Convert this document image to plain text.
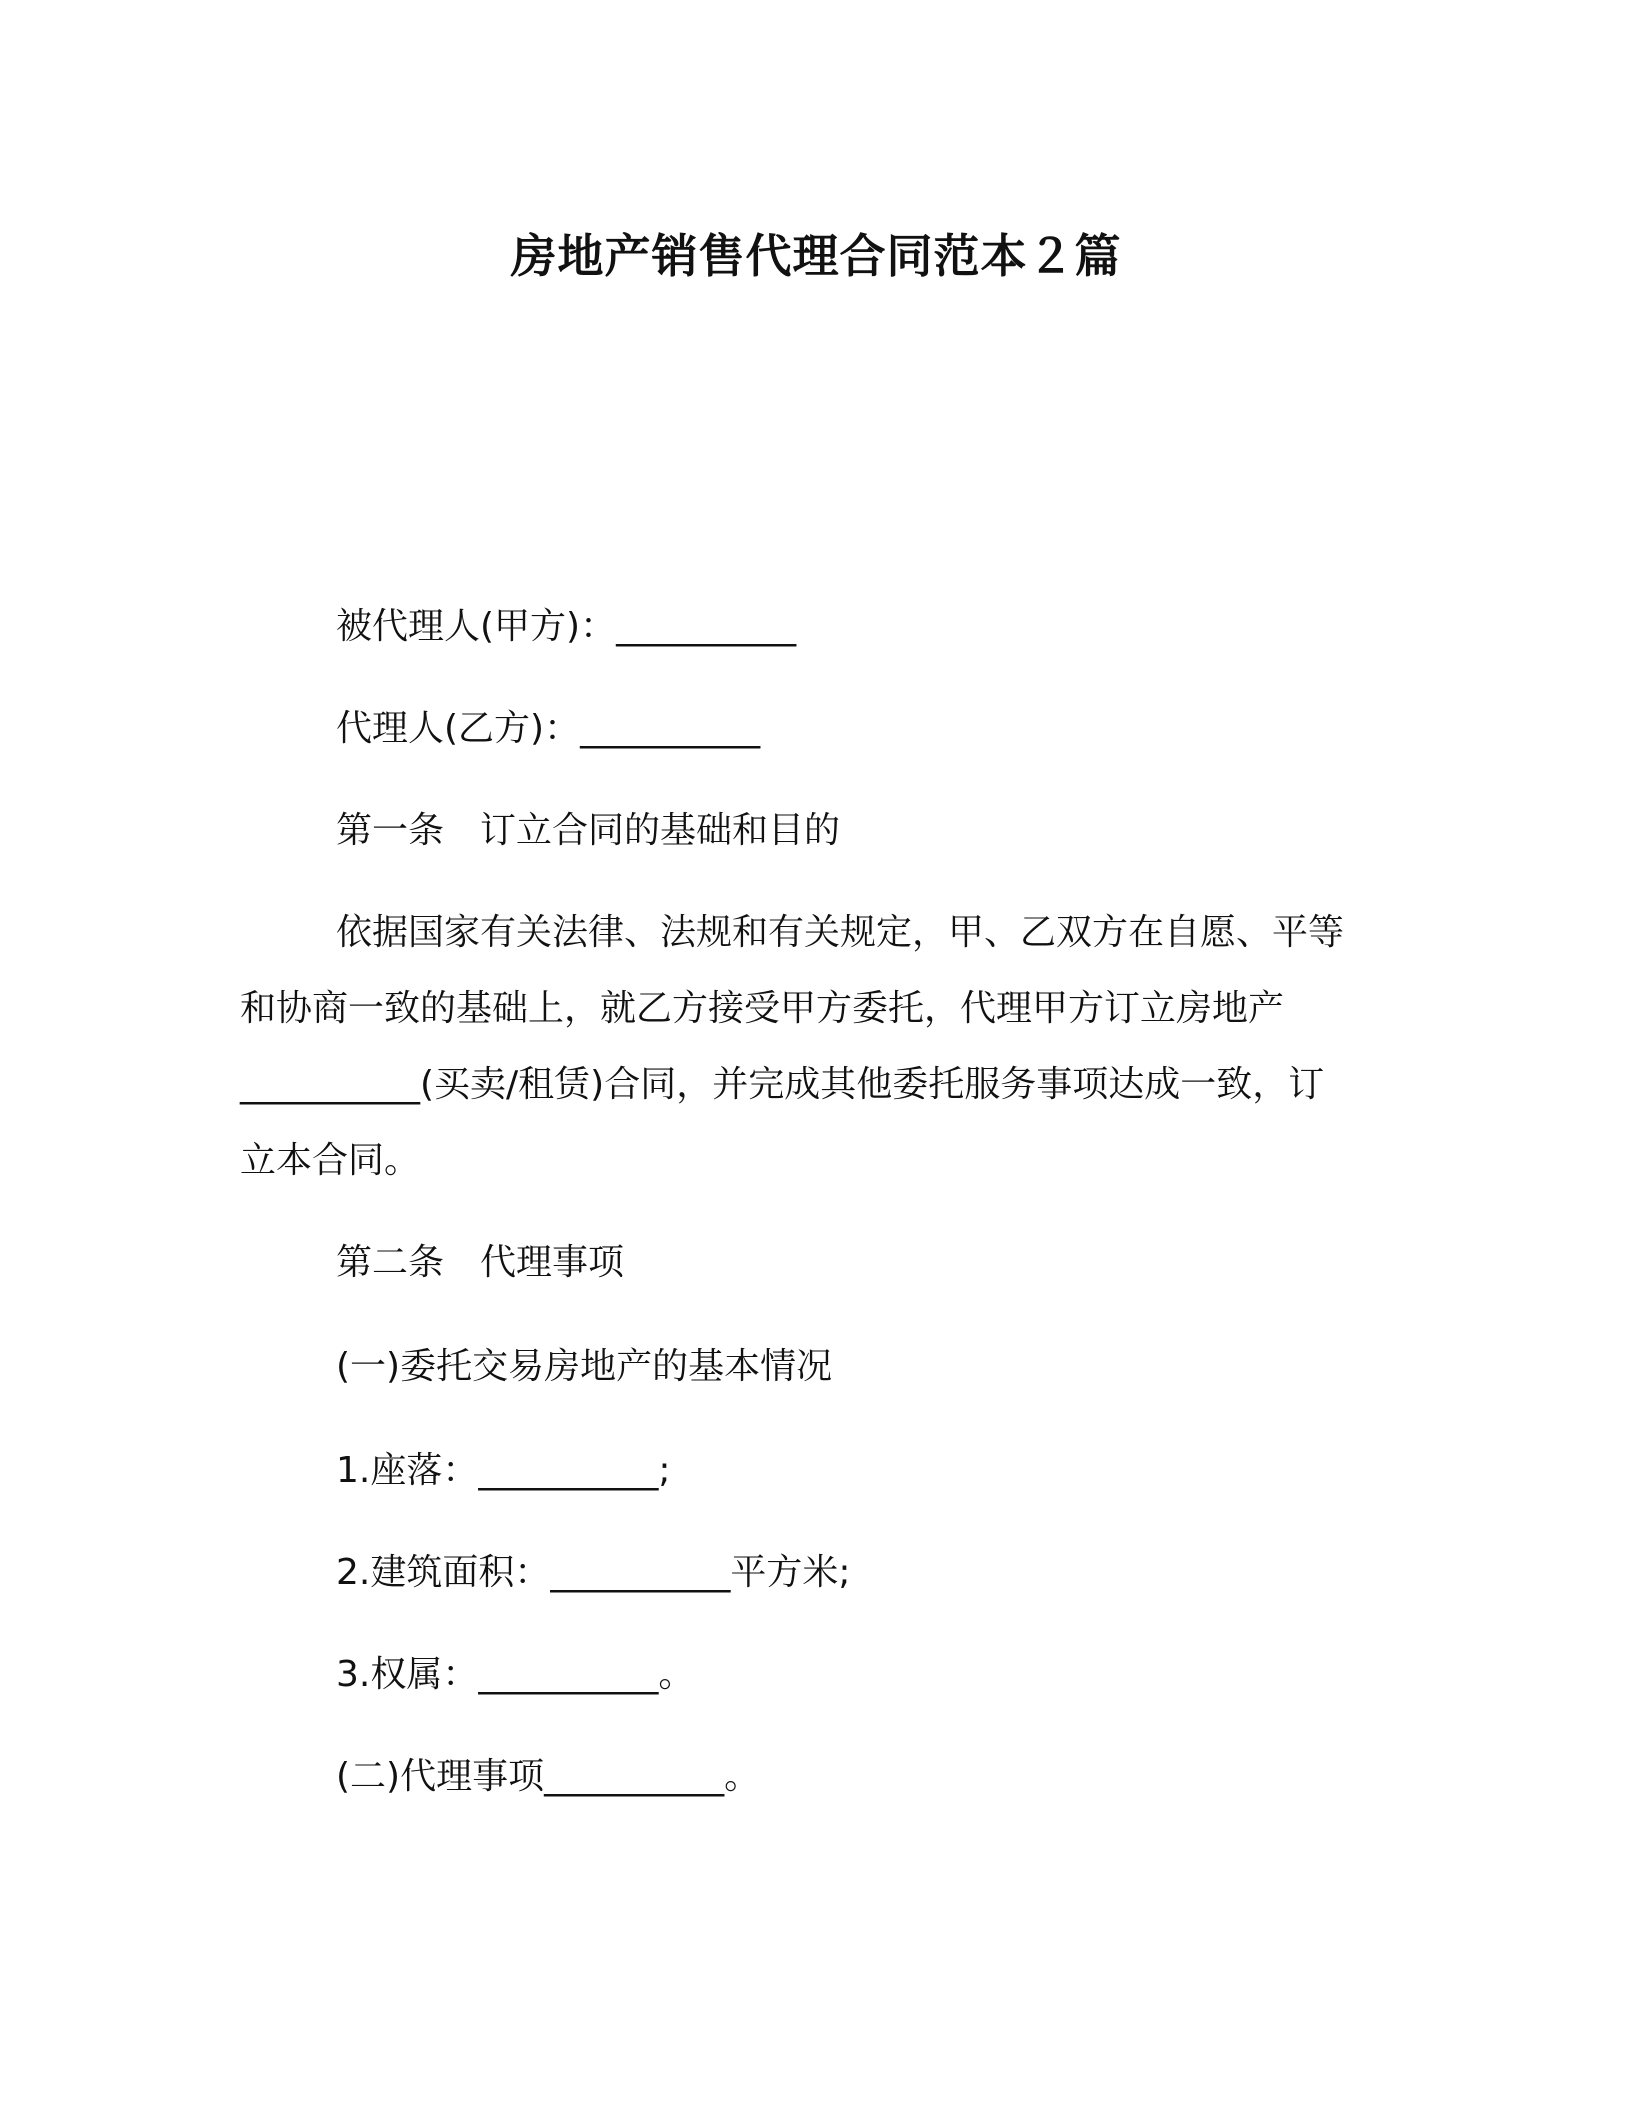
房地产销售代理合同范本２篇
被代理人(甲方)：__________
代理人(乙方)：__________
第一条 订立合同的基础和目的
依据国家有关法律、法规和有关规定，甲、乙双方在自愿、平等
和协商一致的基础上，就乙方接受甲方委托，代理甲方订立房地产
__________(买卖/租赁)合同，并完成其他委托服务事项达成一致，订
立本合同。
第二条 代理事项
(一)委托交易房地产的基本情况
1.座落：__________;
2.建筑面积：__________平方米;
3.权属：__________。
(二)代理事项__________。
